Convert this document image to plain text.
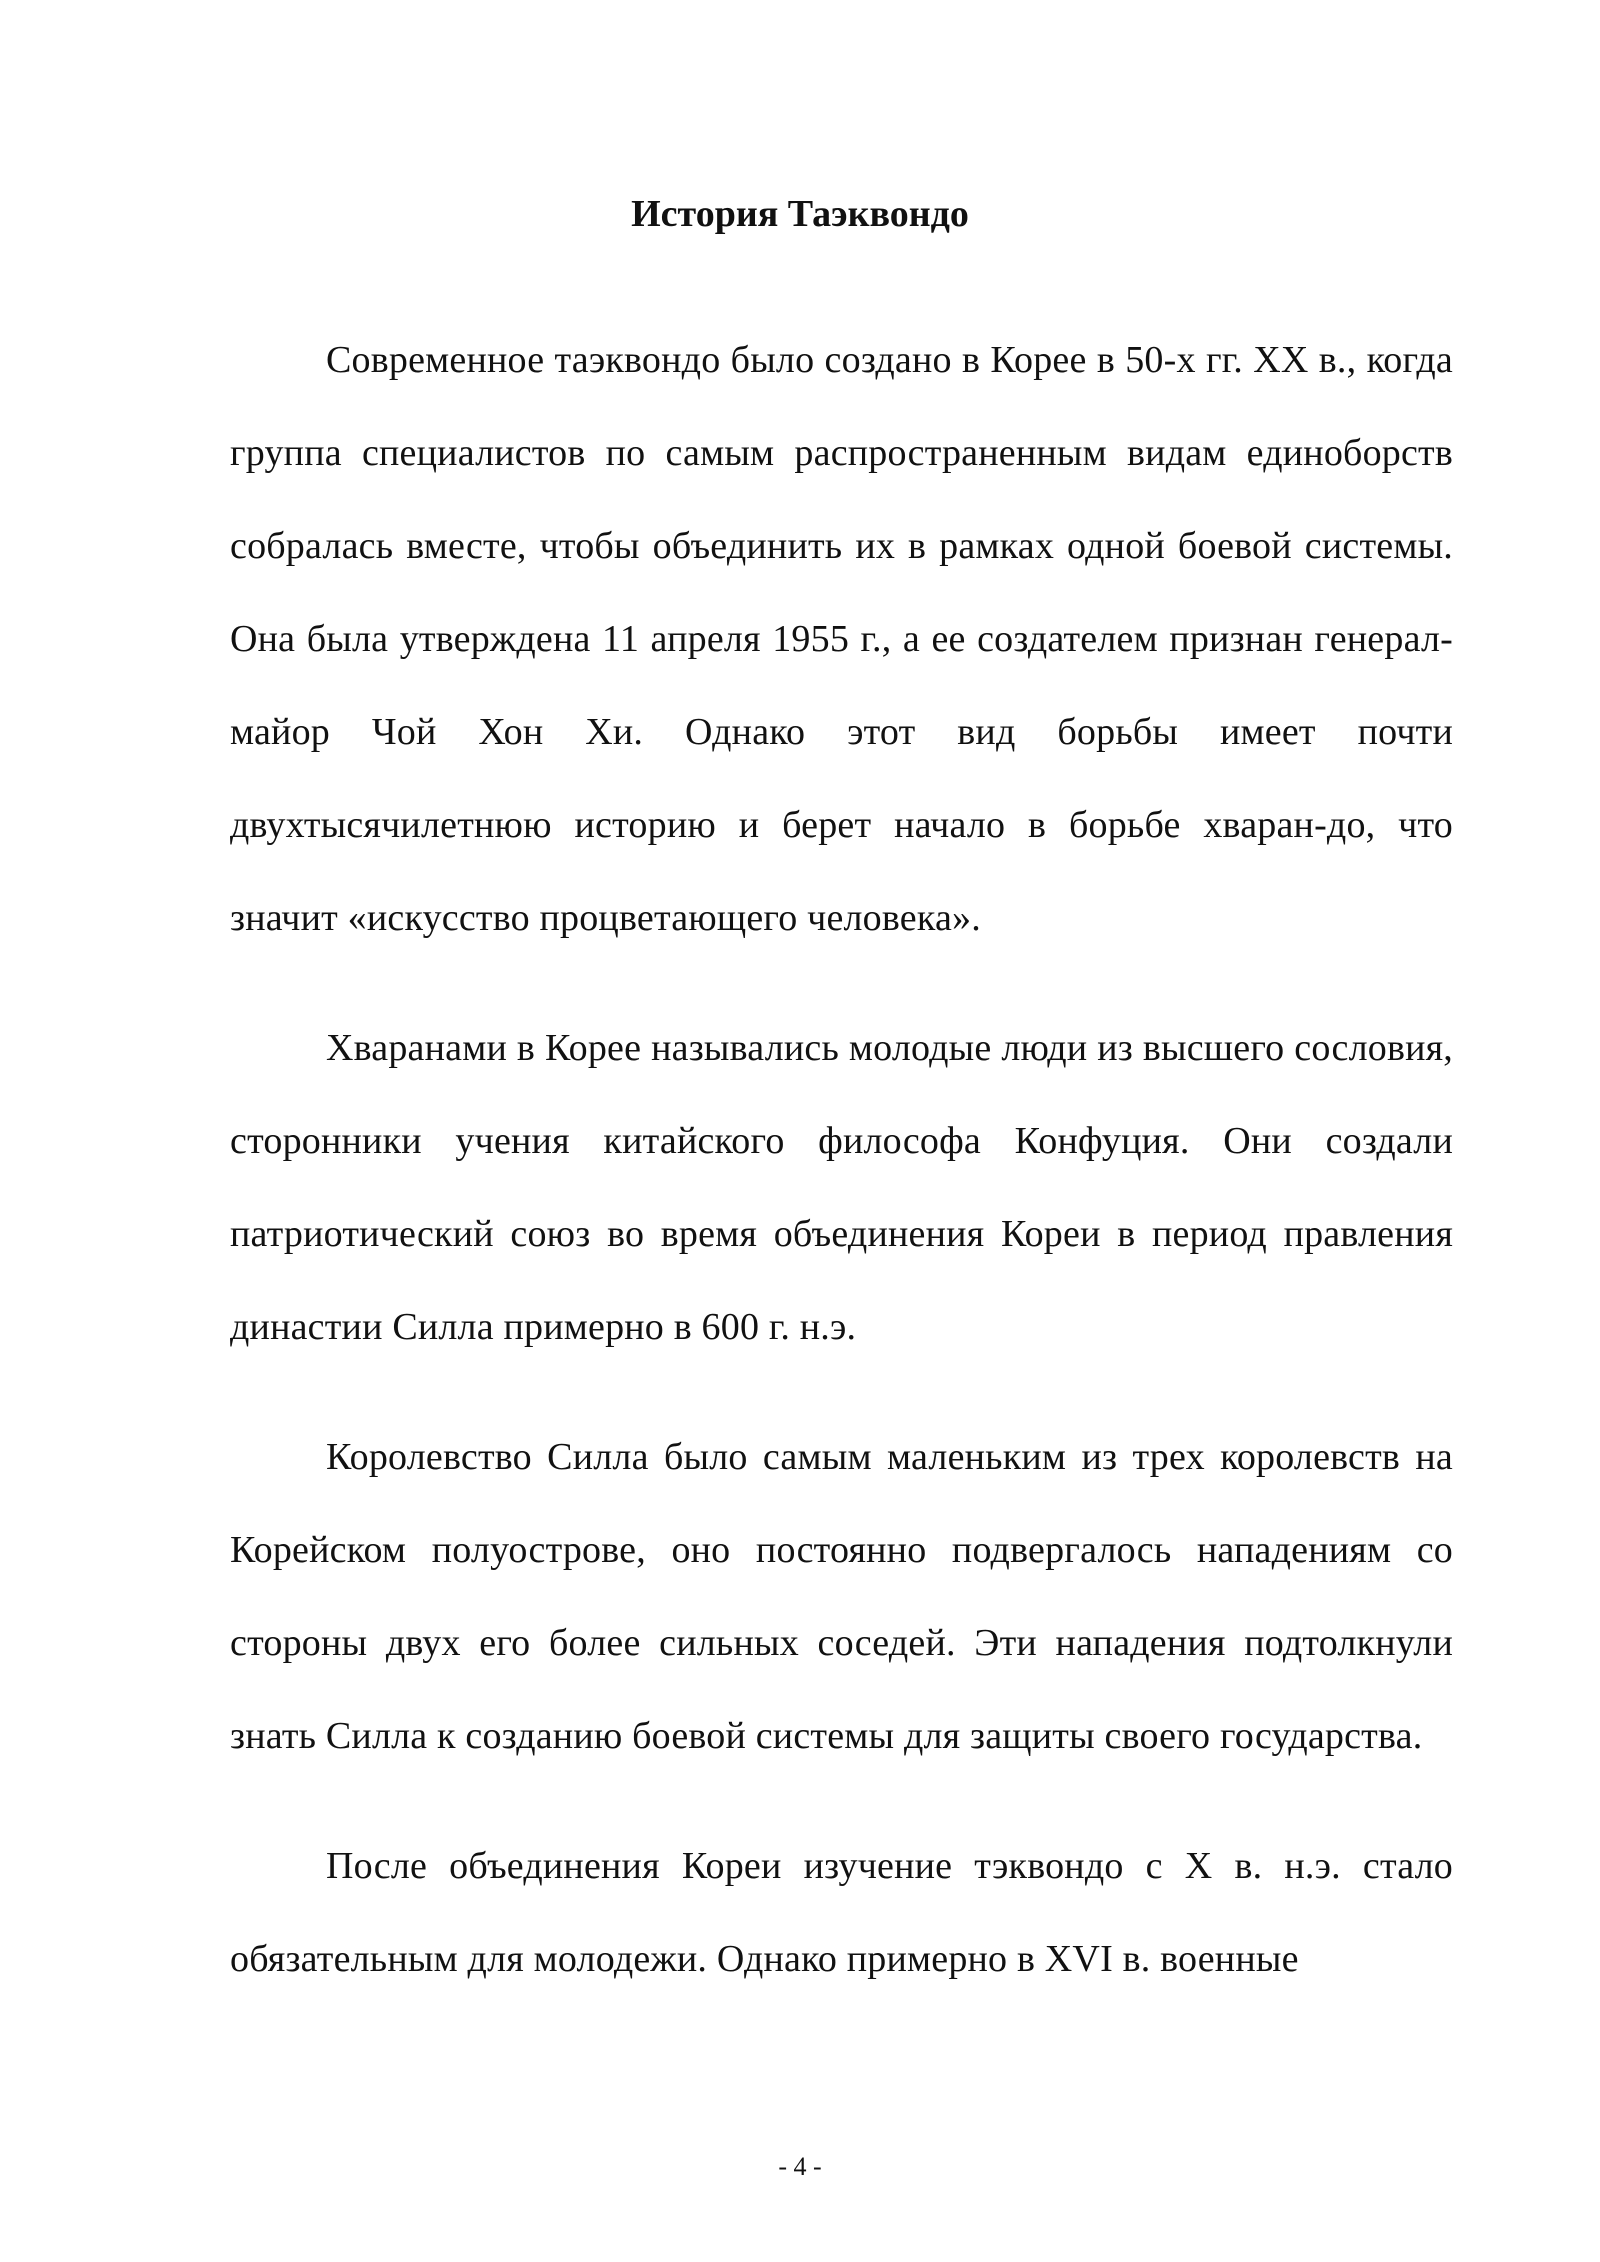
История Таэквондо

Современное таэквондо было создано в Корее в 50-х гг. XX в., когда группа специалистов по самым распространенным видам единоборств собралась вместе, чтобы объединить их в рамках одной боевой системы. Она была утверждена 11 апреля 1955 г., а ее создателем признан генерал-майор Чой Хон Хи. Однако этот вид борьбы имеет почти двухтысячилетнюю историю и берет начало в борьбе хваран-до, что значит «искусство процветающего человека».

Хваранами в Корее назывались молодые люди из высшего сословия, сторонники учения китайского философа Конфуция. Они создали патриотический союз во время объединения Кореи в период правления династии Силла примерно в 600 г. н.э.

Королевство Силла было самым маленьким из трех королевств на Корейском полуострове, оно постоянно подвергалось нападениям со стороны двух его более сильных соседей. Эти нападения подтолкнули знать Силла к созданию боевой системы для защиты своего государства.

После объединения Кореи изучение тэквондо с X в. н.э. стало обязательным для молодежи. Однако примерно в XVI в. военные

- 4 -
